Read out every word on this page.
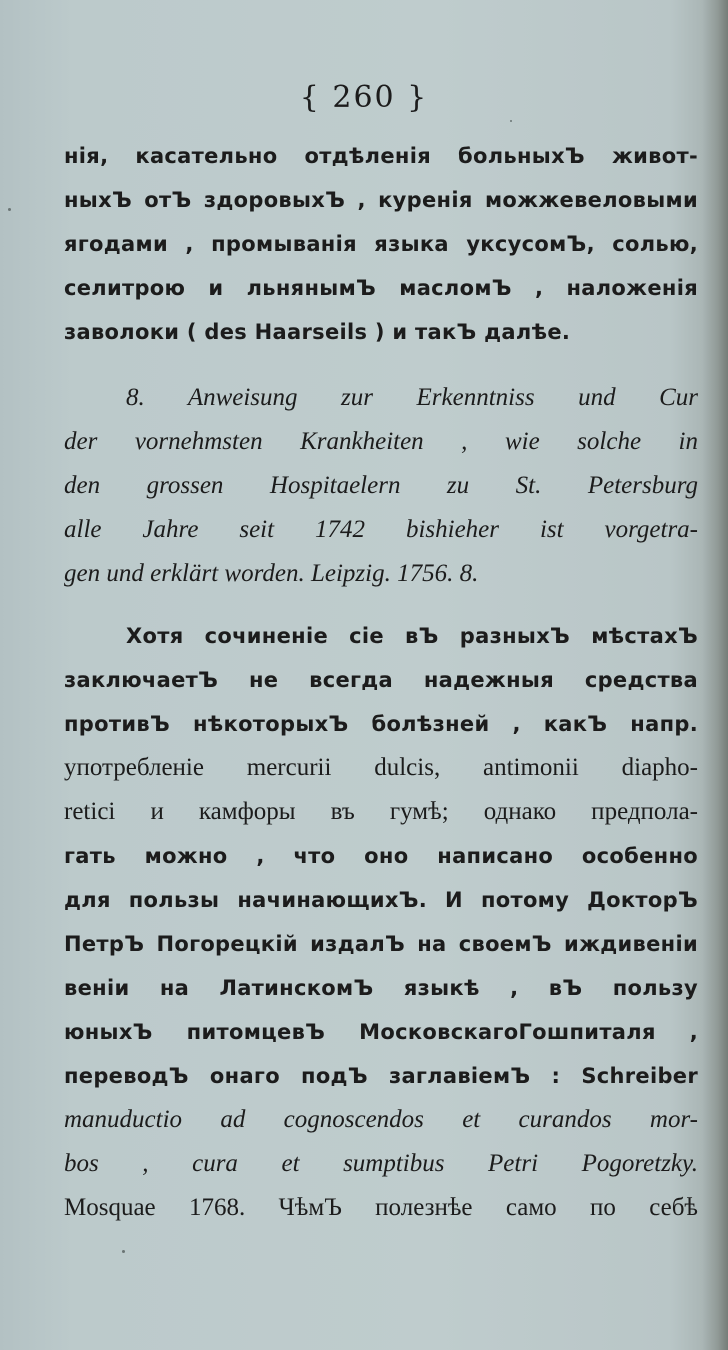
{ 260 }
нія, касательно отдѣленія больныхЪ живот-
ныхЪ отЪ здоровыхЪ , куренія можжевеловыми
ягодами , промыванія языка уксусомЪ, солью,
селитрою и льнянымЪ масломЪ , наложенія
заволоки ( des Haarseils ) и такЪ далѣе.
8. Anweisung zur Erkenntniss und Cur
der vornehmsten Krankheiten , wie solche in
den grossen Hospitaelern zu St. Petersburg
alle Jahre seit 1742 bishieher ist vorgetra-
gen und erklärt worden. Leipzig. 1756. 8.
Хотя сочиненіе сіе вЪ разныхЪ мѣстахЪ
заключаетЪ не всегда надежныя средства
противЪ нѣкоторыхЪ болѣзней , какЪ напр.
употребленіе mercurii dulcis, antimonii diapho-
retici и камфоры въ гумѣ; однако предпола-
гать можно , что оно написано особенно
для пользы начинающихЪ. И потому ДокторЪ
ПетрЪ Погорецкій издалЪ на своемЪ иждивеніи
веніи на ЛатинскомЪ языкѣ , вЪ пользу
юныхЪ питомцевЪ МосковскагоГошпиталя ,
переводЪ онаго подЪ заглавіемЪ : Schreiber
manuductio ad cognoscendos et curandos mor-
bos , cura et sumptibus Petri Pogoretzky.
Mosquae 1768. ЧѣмЪ полезнѣе само по себѣ
